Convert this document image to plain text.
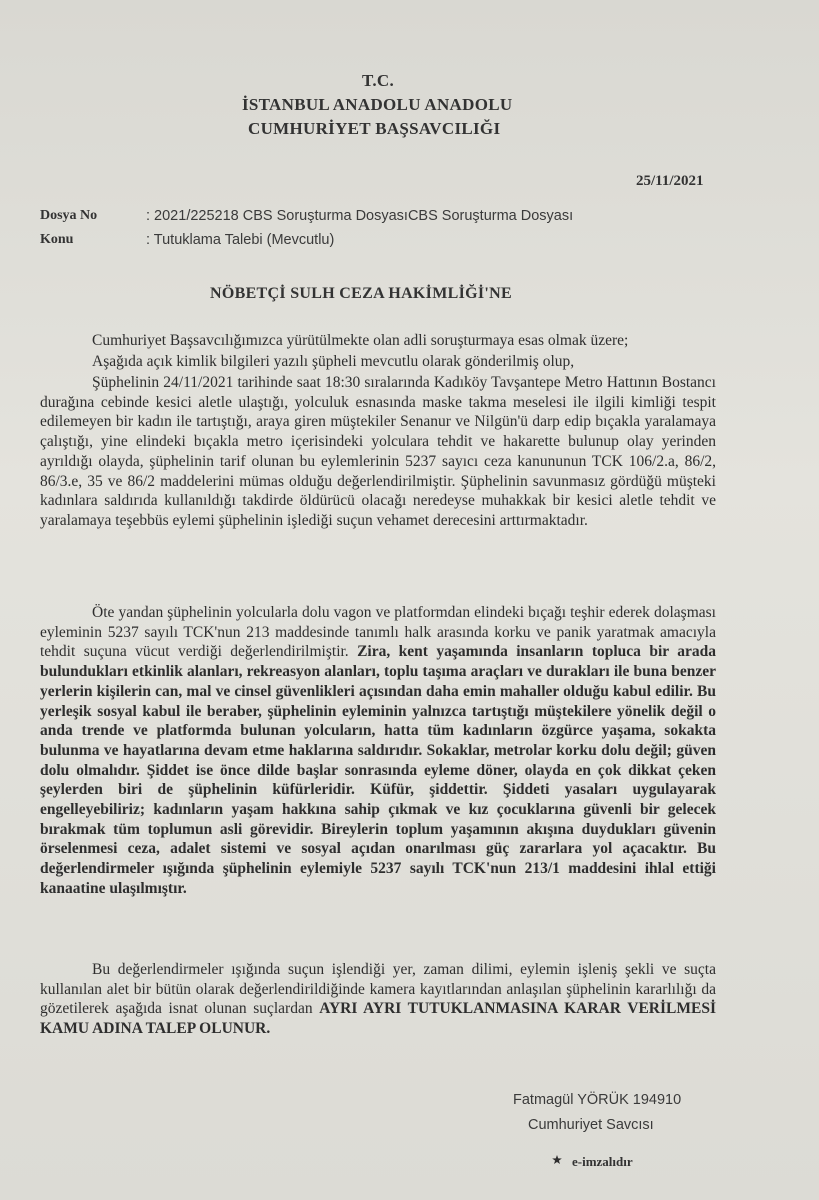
T.C.
İSTANBUL ANADOLU ANADOLU
CUMHURİYET BAŞSAVCILIĞI
25/11/2021
Dosya No	: 2021/225218 CBS Soruşturma DosyasıCBS Soruşturma Dosyası
Konu	: Tutuklama Talebi (Mevcutlu)
NÖBETÇİ SULH CEZA HAKİMLİĞİ'NE
Cumhuriyet Başsavcılığımızca yürütülmekte olan adli soruşturmaya esas olmak üzere;
Aşağıda açık kimlik bilgileri yazılı şüpheli mevcutlu olarak gönderilmiş olup,
Şüphelinin 24/11/2021 tarihinde saat 18:30 sıralarında Kadıköy Tavşantepe Metro Hattının Bostancı durağına cebinde kesici aletle ulaştığı, yolculuk esnasında maske takma meselesi ile ilgili kimliği tespit edilemeyen bir kadın ile tartıştığı, araya giren müştekiler Senanur ve Nilgün'ü darp edip bıçakla yaralamaya çalıştığı, yine elindeki bıçakla metro içerisindeki yolculara tehdit ve hakarette bulunup olay yerinden ayrıldığı olayda, şüphelinin tarif olunan bu eylemlerinin 5237 sayıcı ceza kanununun TCK 106/2.a, 86/2, 86/3.e, 35 ve 86/2 maddelerini mümas olduğu değerlendirilmiştir. Şüphelinin savunmasız gördüğü müşteki kadınlara saldırıda kullanıldığı takdirde öldürücü olacağı neredeyse muhakkak bir kesici aletle tehdit ve yaralamaya teşebbüs eylemi şüphelinin işlediği suçun vehamet derecesini arttırmaktadır.
Öte yandan şüphelinin yolcularla dolu vagon ve platformdan elindeki bıçağı teşhir ederek dolaşması eyleminin 5237 sayılı TCK'nun 213 maddesinde tanımlı halk arasında korku ve panik yaratmak amacıyla tehdit suçuna vücut verdiği değerlendirilmiştir. Zira, kent yaşamında insanların topluca bir arada bulundukları etkinlik alanları, rekreasyon alanları, toplu taşıma araçları ve durakları ile buna benzer yerlerin kişilerin can, mal ve cinsel güvenlikleri açısından daha emin mahaller olduğu kabul edilir. Bu yerleşik sosyal kabul ile beraber, şüphelinin eyleminin yalnızca tartıştığı müştekilere yönelik değil o anda trende ve platformda bulunan yolcuların, hatta tüm kadınların özgürce yaşama, sokakta bulunma ve hayatlarına devam etme haklarına saldırıdır. Sokaklar, metrolar korku dolu değil; güven dolu olmalıdır. Şiddet ise önce dilde başlar sonrasında eyleme döner, olayda en çok dikkat çeken şeylerden biri de şüphelinin küfürleridir. Küfür, şiddettir. Şiddeti yasaları uygulayarak engelleyebiliriz; kadınların yaşam hakkına sahip çıkmak ve kız çocuklarına güvenli bir gelecek bırakmak tüm toplumun asli görevidir. Bireylerin toplum yaşamının akışına duydukları güvenin örselenmesi ceza, adalet sistemi ve sosyal açıdan onarılması güç zararlara yol açacaktır. Bu değerlendirmeler ışığında şüphelinin eylemiyle 5237 sayılı TCK'nun 213/1 maddesini ihlal ettiği kanaatine ulaşılmıştır.
Bu değerlendirmeler ışığında suçun işlendiği yer, zaman dilimi, eylemin işleniş şekli ve suçta kullanılan alet bir bütün olarak değerlendirildiğinde kamera kayıtlarından anlaşılan şüphelinin kararlılığı da gözetilerek aşağıda isnat olunan suçlardan AYRI AYRI TUTUKLANMASINA KARAR VERİLMESİ KAMU ADINA TALEP OLUNUR.
Fatmagül YÖRÜK 194910
Cumhuriyet Savcısı
e-imzalıdır
